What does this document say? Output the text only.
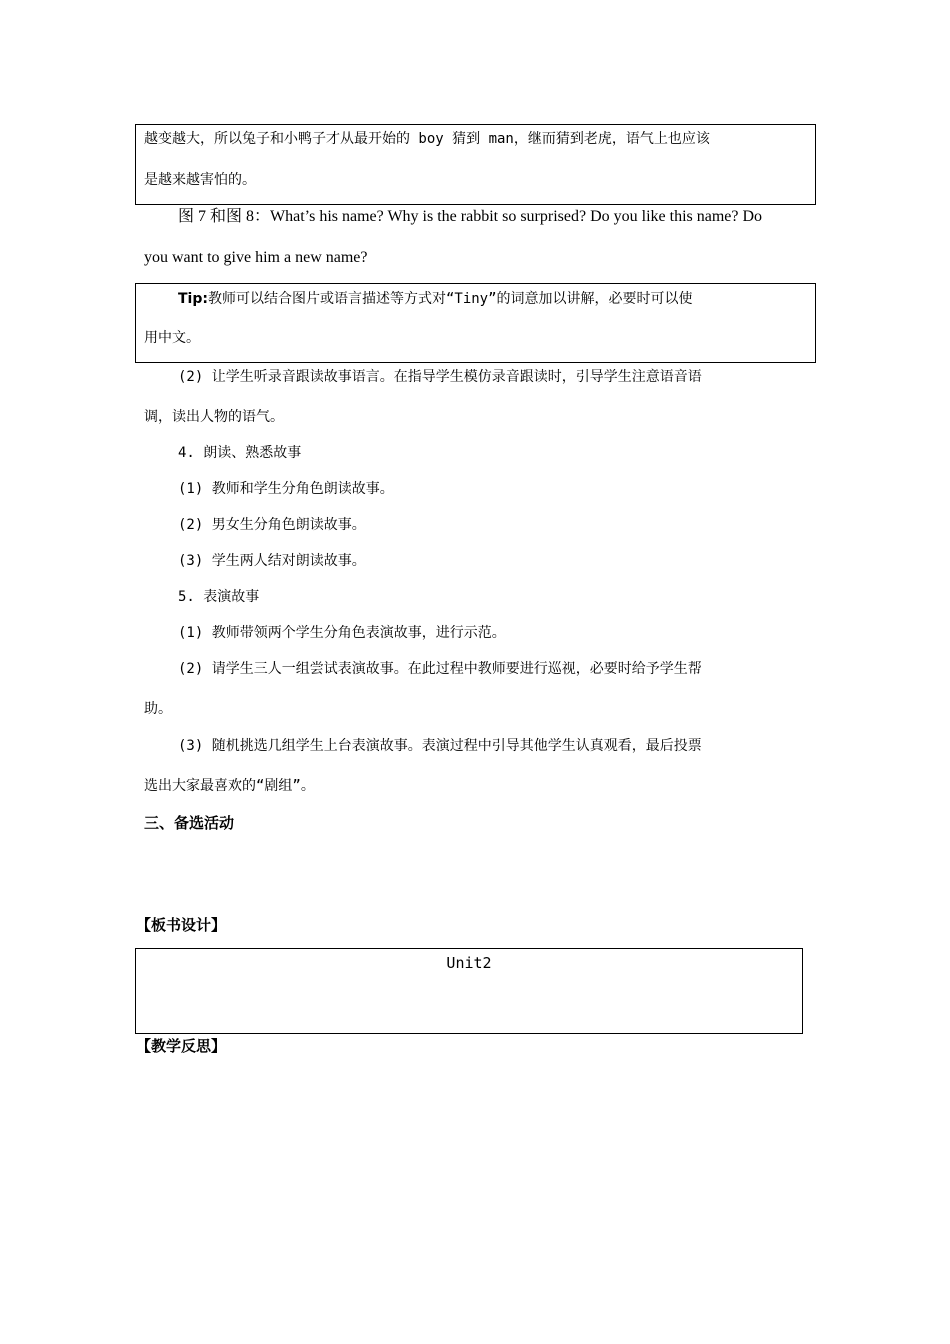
越变越大，所以兔子和小鸭子才从最开始的 boy 猜到 man，继而猜到老虎，语气上也应该
是越来越害怕的。
图 7 和图 8：What’s his name? Why is the rabbit so surprised? Do you like this name? Do
you want to give him a new name?
Tip:教师可以结合图片或语言描述等方式对“Tiny”的词意加以讲解，必要时可以使
用中文。
(2) 让学生听录音跟读故事语言。在指导学生模仿录音跟读时，引导学生注意语音语
调，读出人物的语气。
4. 朗读、熟悉故事
(1) 教师和学生分角色朗读故事。
(2) 男女生分角色朗读故事。
(3) 学生两人结对朗读故事。
5. 表演故事
(1) 教师带领两个学生分角色表演故事，进行示范。
(2) 请学生三人一组尝试表演故事。在此过程中教师要进行巡视，必要时给予学生帮
助。
(3) 随机挑选几组学生上台表演故事。表演过程中引导其他学生认真观看，最后投票
选出大家最喜欢的“剧组”。
三、备选活动
【板书设计】
Unit2
【教学反思】
